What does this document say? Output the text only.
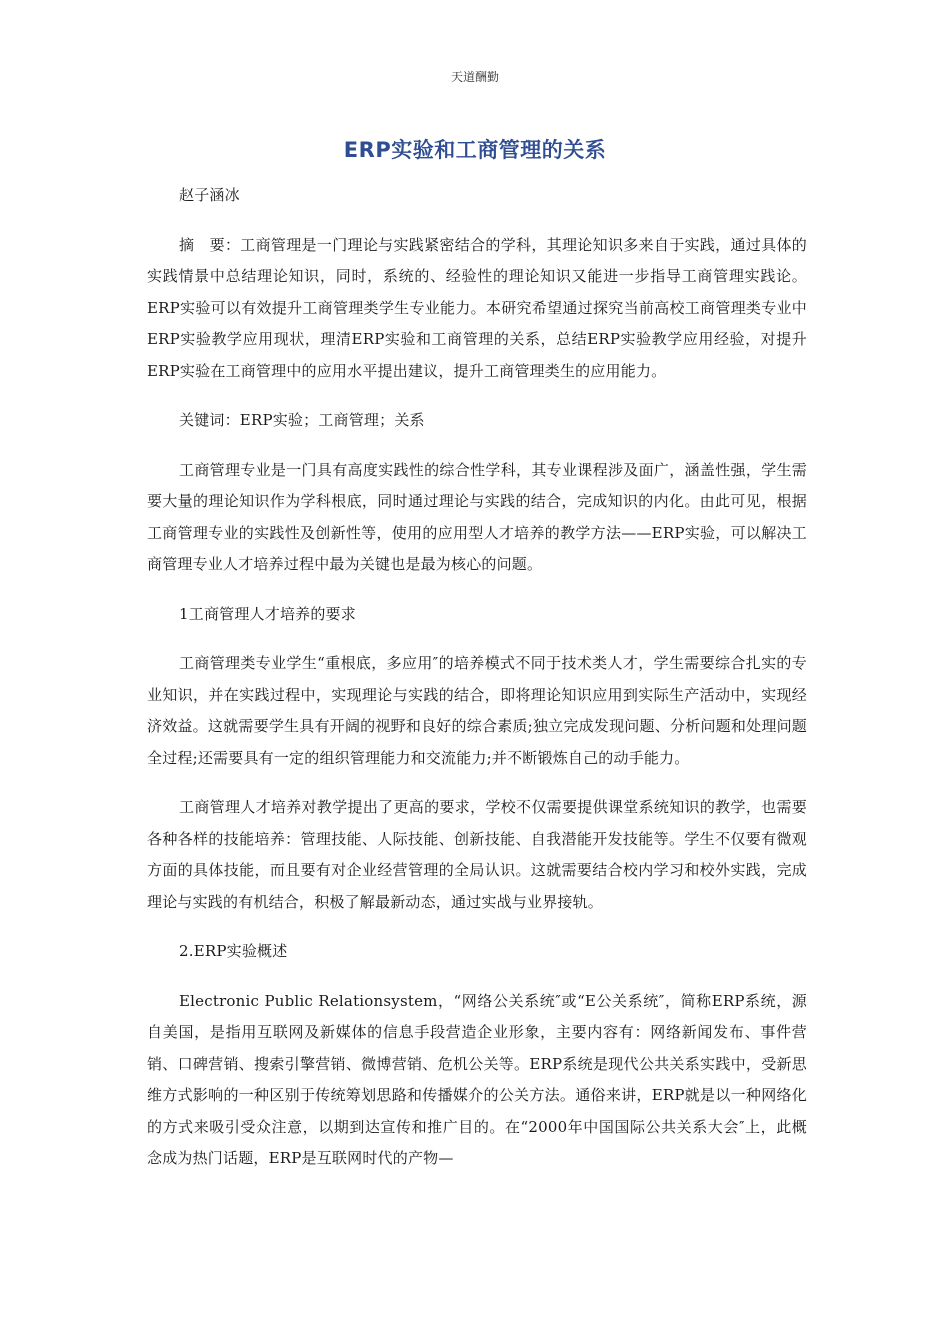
天道酬勤
ERP实验和工商管理的关系

赵子涵冰

摘　要：工商管理是一门理论与实践紧密结合的学科，其理论知识多来自于实践，通过具体的实践情景中总结理论知识，同时，系统的、经验性的理论知识又能进一步指导工商管理实践论。ERP实验可以有效提升工商管理类学生专业能力。本研究希望通过探究当前高校工商管理类专业中ERP实验教学应用现状，理清ERP实验和工商管理的关系，总结ERP实验教学应用经验，对提升ERP实验在工商管理中的应用水平提出建议，提升工商管理类生的应用能力。

关键词：ERP实验；工商管理；关系

工商管理专业是一门具有高度实践性的综合性学科，其专业课程涉及面广，涵盖性强，学生需要大量的理论知识作为学科根底，同时通过理论与实践的结合，完成知识的内化。由此可见，根据工商管理专业的实践性及创新性等，使用的应用型人才培养的教学方法——ERP实验，可以解决工商管理专业人才培养过程中最为关键也是最为核心的问题。

1工商管理人才培养的要求

工商管理类专业学生“重根底，多应用″的培养模式不同于技术类人才，学生需要综合扎实的专业知识，并在实践过程中，实现理论与实践的结合，即将理论知识应用到实际生产活动中，实现经济效益。这就需要学生具有开阔的视野和良好的综合素质;独立完成发现问题、分析问题和处理问题全过程;还需要具有一定的组织管理能力和交流能力;并不断锻炼自己的动手能力。

工商管理人才培养对教学提出了更高的要求，学校不仅需要提供课堂系统知识的教学，也需要各种各样的技能培养：管理技能、人际技能、创新技能、自我潜能开发技能等。学生不仅要有微观方面的具体技能，而且要有对企业经营管理的全局认识。这就需要结合校内学习和校外实践，完成理论与实践的有机结合，积极了解最新动态，通过实战与业界接轨。

2.ERP实验概述

Electronic Public Relationsystem，“网络公关系统″或“E公关系统″，简称ERP系统，源自美国，是指用互联网及新媒体的信息手段营造企业形象，主要内容有：网络新闻发布、事件营销、口碑营销、搜索引擎营销、微博营销、危机公关等。ERP系统是现代公共关系实践中，受新思维方式影响的一种区别于传统筹划思路和传播媒介的公关方法。通俗来讲，ERP就是以一种网络化的方式来吸引受众注意，以期到达宣传和推广目的。在“2000年中国国际公共关系大会″上，此概念成为热门话题，ERP是互联网时代的产物—
